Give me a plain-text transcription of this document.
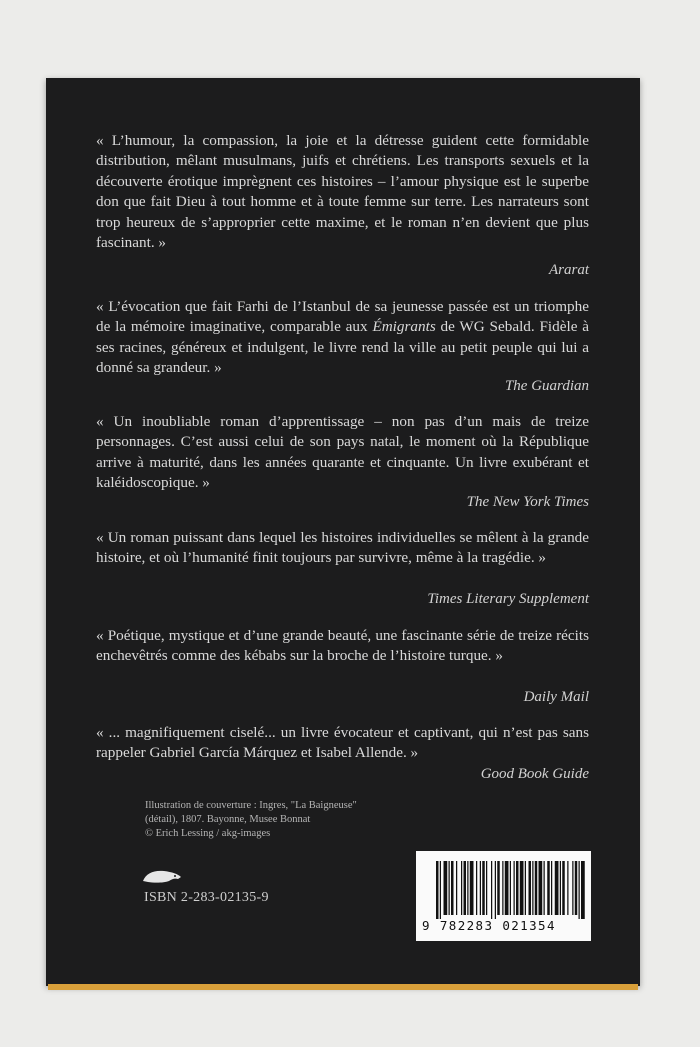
« L’humour, la compassion, la joie et la détresse guident cette formidable distribution, mêlant musulmans, juifs et chrétiens. Les transports sexuels et la découverte érotique imprègnent ces histoires – l’amour physique est le superbe don que fait Dieu à tout homme et à toute femme sur terre. Les narrateurs sont trop heureux de s’approprier cette maxime, et le roman n’en devient que plus fascinant. »

Ararat

« L’évocation que fait Farhi de l’Istanbul de sa jeunesse passée est un triomphe de la mémoire imaginative, comparable aux Émigrants de WG Sebald. Fidèle à ses racines, généreux et indulgent, le livre rend la ville au petit peuple qui lui a donné sa grandeur. »

The Guardian

« Un inoubliable roman d’apprentissage – non pas d’un mais de treize personnages. C’est aussi celui de son pays natal, le moment où la République arrive à maturité, dans les années quarante et cinquante. Un livre exubérant et kaléidoscopique. »

The New York Times

« Un roman puissant dans lequel les histoires individuelles se mêlent à la grande histoire, et où l’humanité finit toujours par survivre, même à la tragédie. »

Times Literary Supplement

« Poétique, mystique et d’une grande beauté, une fascinante série de treize récits enchevêtrés comme des kébabs sur la broche de l’histoire turque. »

Daily Mail

« ... magnifiquement ciselé... un livre évocateur et captivant, qui n’est pas sans rappeler Gabriel García Márquez et Isabel Allende. »

Good Book Guide
Illustration de couverture : Ingres, "La Baigneuse"
(détail), 1807. Bayonne, Musee Bonnat
© Erich Lessing / akg-images
ISBN 2-283-02135-9
9 782283 021354
